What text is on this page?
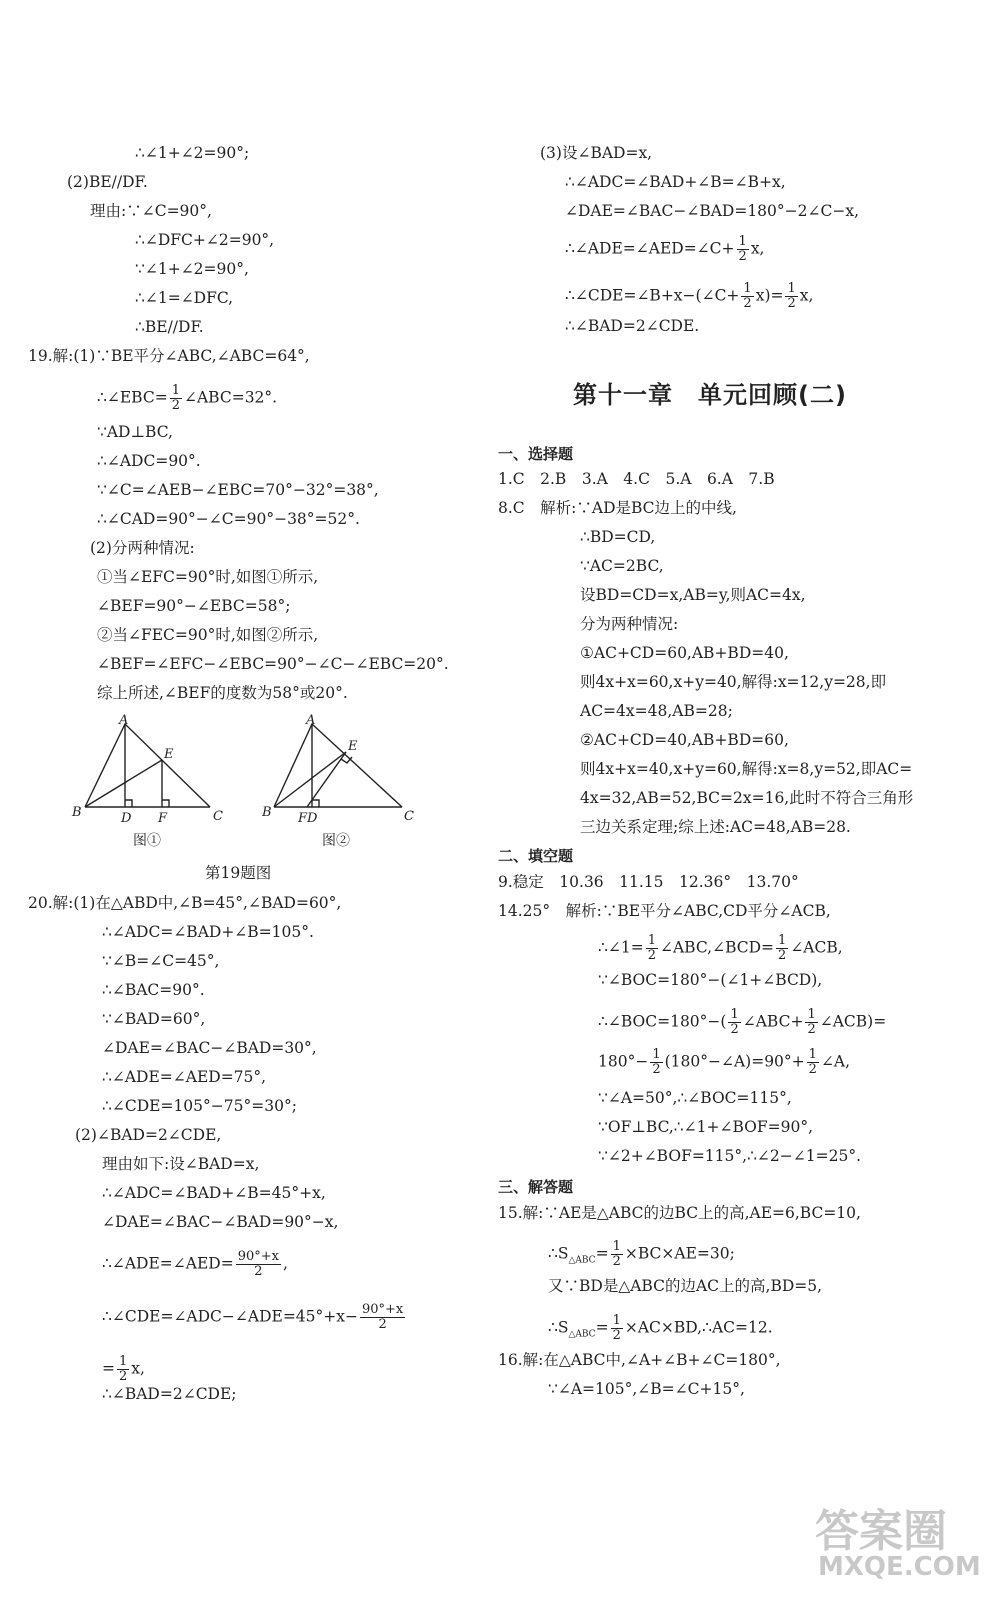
∴∠1+∠2=90°;
(2)BE//DF.
理由:∵∠C=90°,
∴∠DFC+∠2=90°,
∵∠1+∠2=90°,
∴∠1=∠DFC,
∴BE//DF.
19.解:(1)∵BE平分∠ABC,∠ABC=64°,
∴∠EBC= $\frac{1}{2}$ ∠ABC=32°.
∵AD⊥BC,
∴∠ADC=90°.
∵∠C=∠AEB−∠EBC=70°−32°=38°,
∴∠CAD=90°−∠C=90°−38°=52°.
(2)分两种情况:
①当∠EFC=90°时,如图①所示,
∠BEF=90°−∠EBC=58°;
②当∠FEC=90°时,如图②所示,
∠BEF=∠EFC−∠EBC=90°−∠C−∠EBC=20°.
综上所述,∠BEF的度数为58°或20°.
A
E
B	D F	C
图①
A
E
B FD	C
图②
第19题图
20.解:(1)在△ABD中,∠B=45°,∠BAD=60°,
∴∠ADC=∠BAD+∠B=105°.
∵∠B=∠C=45°,
∴∠BAC=90°.
∵∠BAD=60°,
∠DAE=∠BAC−∠BAD=30°,
∴∠ADE=∠AED=75°,
∴∠CDE=105°−75°=30°;
(2)∠BAD=2∠CDE,
理由如下:设∠BAD=x,
∴∠ADC=∠BAD+∠B=45°+x,
∠DAE=∠BAC−∠BAD=90°−x,
∴∠ADE=∠AED= $\frac{90^\circ+x}{2}$ ,
∴∠CDE=∠ADC−∠ADE=45°+x− $\frac{90^\circ+x}{2}$
= $\frac{1}{2} x$,
∴∠BAD=2∠CDE;
(3)设∠BAD=x,
∴∠ADC=∠BAD+∠B=∠B+x,
∠DAE=∠BAC−∠BAD=180°−2∠C−x,
∴∠ADE=∠AED=∠C+ $\frac{1}{2} x$,
∴∠CDE=∠B+x−(∠C+ $\frac{1}{2} x)= \frac{1}{2} x$,
∴∠BAD=2∠CDE.
第十一章　单元回顾(二)
一、选择题
1.C　2.B　3.A　4.C　5.A　6.A　7.B
8.C　解析:∵AD是BC边上的中线,
∴BD=CD,
∵AC=2BC,
设BD=CD=x,AB=y,则AC=4x,
分为两种情况:
①AC+CD=60,AB+BD=40,
则4x+x=60,x+y=40,解得:x=12,y=28,即
AC=4x=48,AB=28;
②AC+CD=40,AB+BD=60,
则4x+x=40,x+y=60,解得:x=8,y=52,即AC=
4x=32,AB=52,BC=2x=16,此时不符合三角形
三边关系定理;综上述:AC=48,AB=28.
二、填空题
9.稳定　10.36　11.15　12.36°　13.70°
14.25°　解析:∵BE平分∠ABC,CD平分∠ACB,
∴∠1= $\frac{1}{2}$ ∠ABC,∠BCD= $\frac{1}{2}$ ∠ACB,
∵∠BOC=180°−(∠1+∠BCD),
∴∠BOC=180°−( $\frac{1}{2}$ ∠ABC+ $\frac{1}{2}$ ∠ACB)=
$180^\circ- \frac{1}{2}$ (180°−∠A)=90°+ $\frac{1}{2}$ ∠A,
∵∠A=50°,∴∠BOC=115°,
∵OF⊥BC,∴∠1+∠BOF=90°,
∵∠2+∠BOF=115°,∴∠2−∠1=25°.
三、解答题
15.解:∵AE是△ABC的边BC上的高,AE=6,BC=10,
$\therefore S_{\triangle ABC}= \frac{1}{2} \times BC\times AE=30$;
又∵BD是△ABC的边AC上的高,BD=5,
$\therefore S_{\triangle ABC}= \frac{1}{2}$ ×AC×BD,∴AC=12.
16.解:在△ABC中,∠A+∠B+∠C=180°,
∵∠A=105°,∠B=∠C+15°,
答案圈
MXQE.COM
